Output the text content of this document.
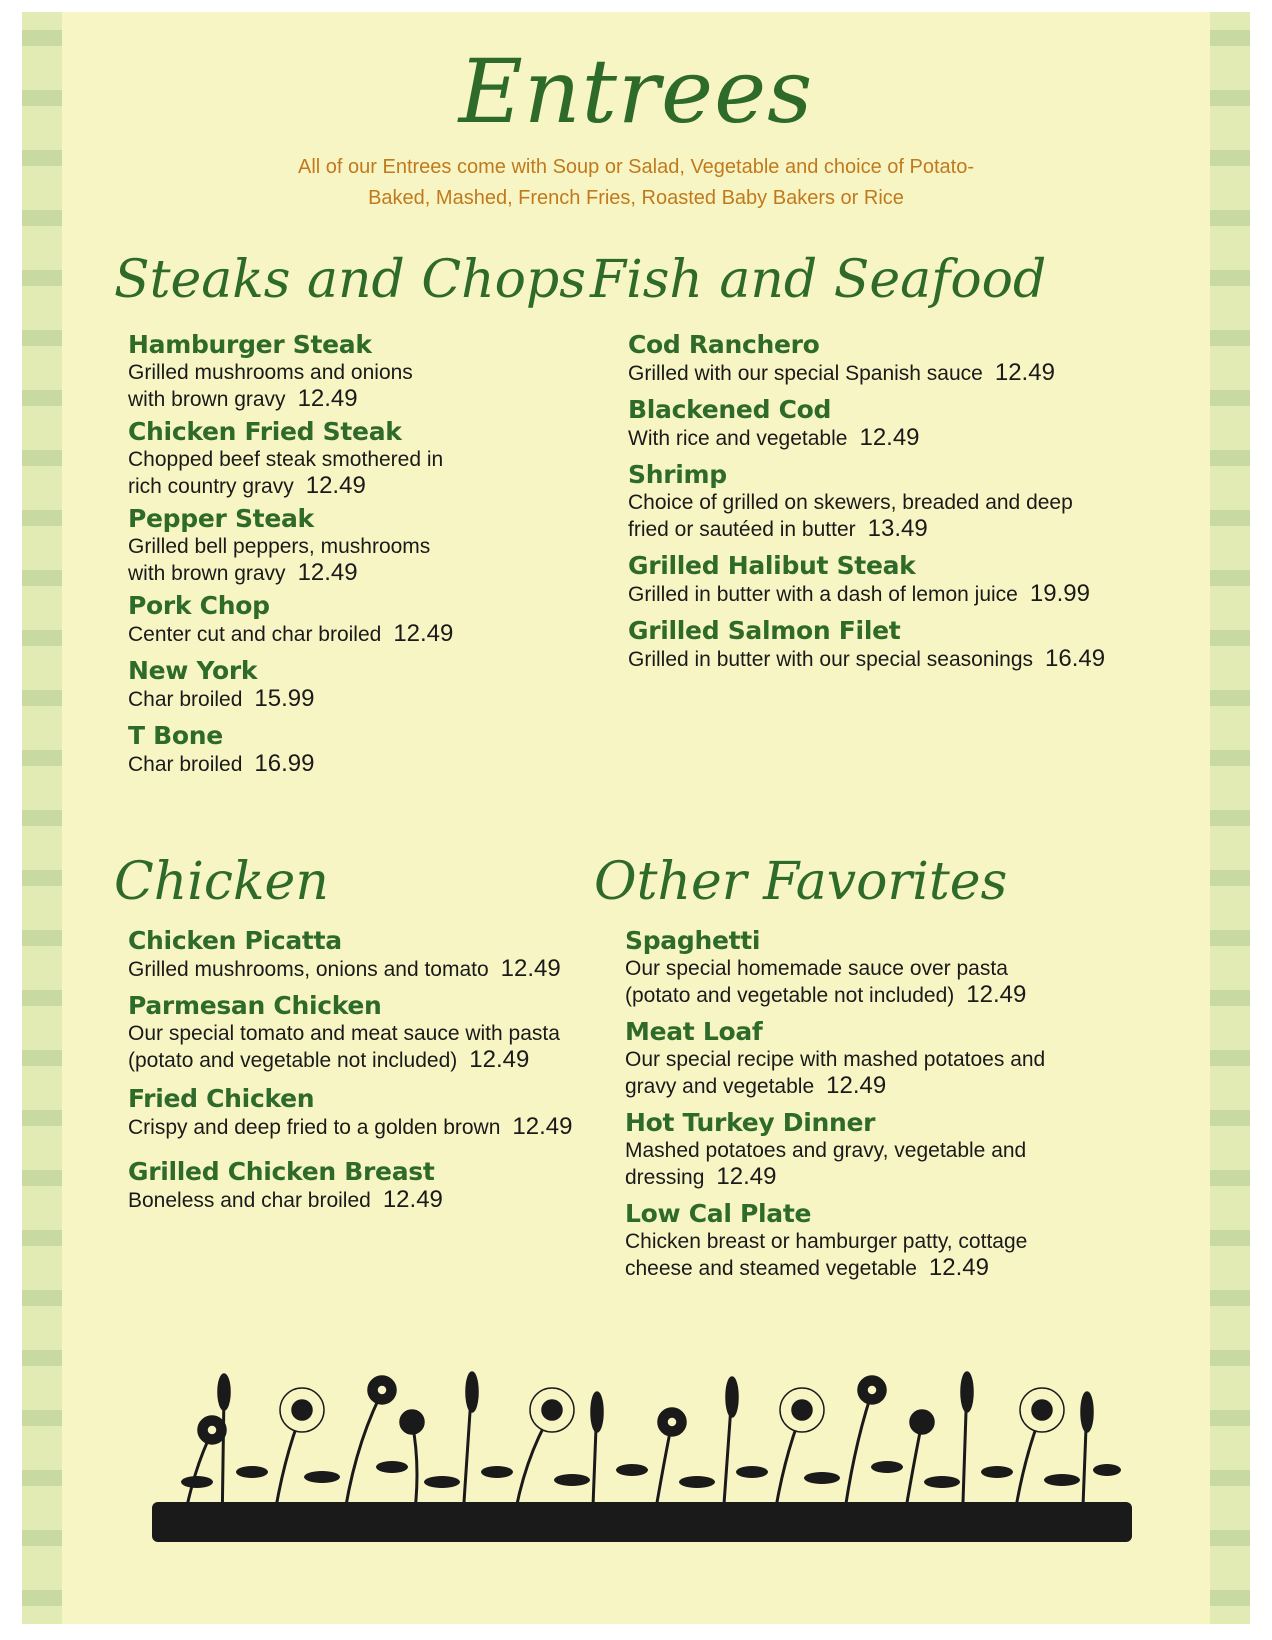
Entrees
All of our Entrees come with Soup or Salad, Vegetable and choice of Potato-
Baked, Mashed, French Fries, Roasted Baby Bakers or Rice
Steaks and Chops
Hamburger Steak
Grilled mushrooms and onions
with brown gravy 12.49
Chicken Fried Steak
Chopped beef steak smothered in
rich country gravy 12.49
Pepper Steak
Grilled bell peppers, mushrooms
with brown gravy 12.49
Pork Chop
Center cut and char broiled 12.49
New York
Char broiled 15.99
T Bone
Char broiled 16.99
Fish and Seafood
Cod Ranchero
Grilled with our special Spanish sauce 12.49
Blackened Cod
With rice and vegetable 12.49
Shrimp
Choice of grilled on skewers, breaded and deep
fried or sautéed in butter 13.49
Grilled Halibut Steak
Grilled in butter with a dash of lemon juice 19.99
Grilled Salmon Filet
Grilled in butter with our special seasonings 16.49
Chicken
Chicken Picatta
Grilled mushrooms, onions and tomato 12.49
Parmesan Chicken
Our special tomato and meat sauce with pasta
(potato and vegetable not included) 12.49
Fried Chicken
Crispy and deep fried to a golden brown 12.49
Grilled Chicken Breast
Boneless and char broiled 12.49
Other Favorites
Spaghetti
Our special homemade sauce over pasta
(potato and vegetable not included) 12.49
Meat Loaf
Our special recipe with mashed potatoes and
gravy and vegetable 12.49
Hot Turkey Dinner
Mashed potatoes and gravy, vegetable and
dressing 12.49
Low Cal Plate
Chicken breast or hamburger patty, cottage
cheese and steamed vegetable 12.49
